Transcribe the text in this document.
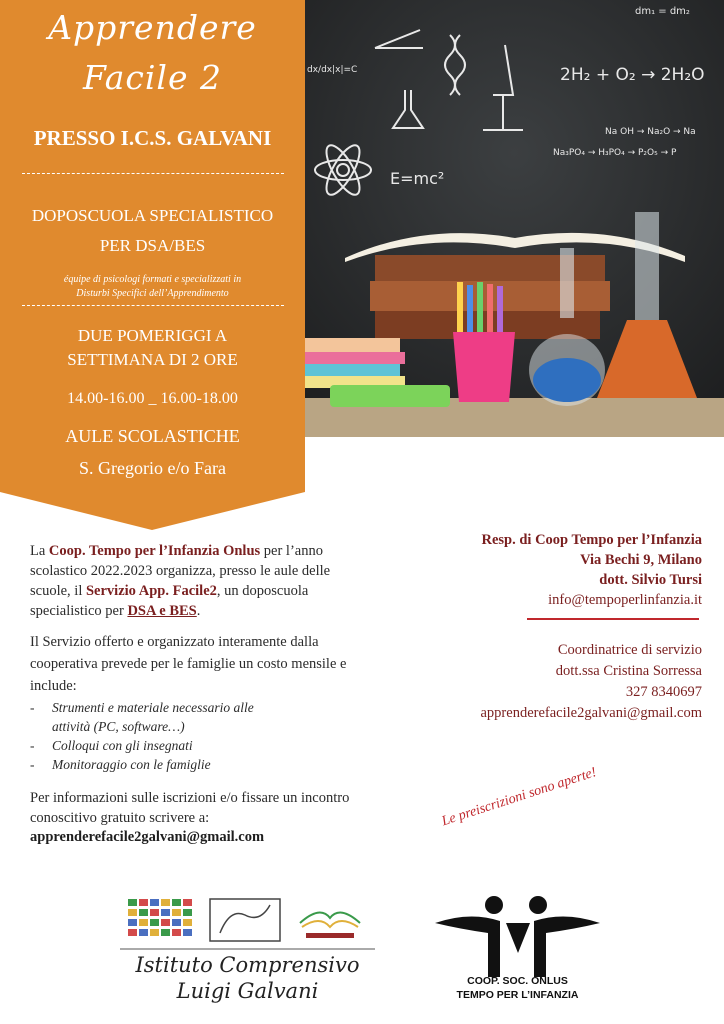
Apprendere
Facile 2
PRESSO I.C.S. GALVANI
DOPOSCUOLA SPECIALISTICO
PER DSA/BES
équipe di psicologi formati e specializzati in
Disturbi Specifici dell’Apprendimento
DUE POMERIGGI A
SETTIMANA DI 2 ORE
14.00-16.00 _ 16.00-18.00
AULE SCOLASTICHE
S. Gregorio e/o Fara
2H₂ + O₂ → 2H₂O
E=mc²
Na OH → Na₂O → Na
Na₃PO₄ → H₃PO₄ → P₂O₅ → P
dm₁ = dm₂
dx/dx|x|=C
La Coop. Tempo per l’Infanzia Onlus per l’anno scolastico 2022.2023 organizza, presso le aule delle scuole, il Servizio App. Facile2, un doposcuola specialistico per DSA e BES.
Il Servizio offerto e organizzato interamente dalla cooperativa prevede per le famiglie un costo mensile e include:
-	Strumenti e materiale necessario alle
attività (PC, software…)
-	Colloqui con gli insegnati
-	Monitoraggio con le famiglie
Per informazioni sulle iscrizioni e/o fissare un incontro conoscitivo gratuito scrivere a:
apprenderefacile2galvani@gmail.com
Resp. di Coop Tempo per l’Infanzia
Via Bechi 9, Milano
dott. Silvio Tursi
info@tempoperlinfanzia.it
Coordinatrice di servizio
dott.ssa Cristina Sorressa
327 8340697
apprenderefacile2galvani@gmail.com
Le preiscrizioni sono aperte!
Istituto Comprensivo
Luigi Galvani	COOP. SOC. ONLUS
TEMPO PER L’INFANZIA
